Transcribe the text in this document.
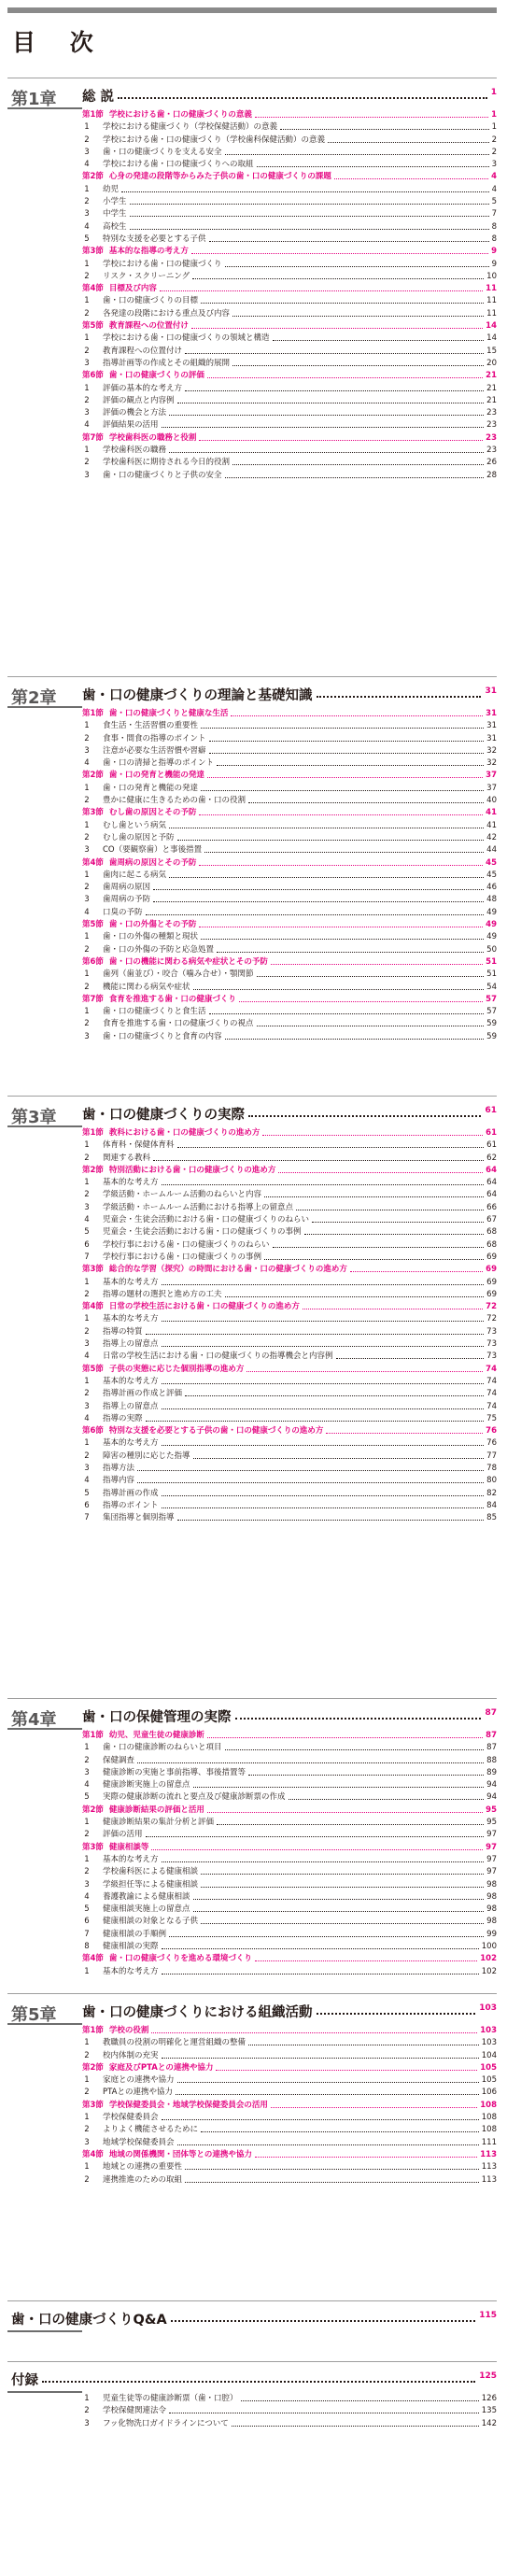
目 次
第1章 総 説	1
第1節 学校における歯・口の健康づくりの意義	1
1 学校における健康づくり（学校保健活動）の意義	1
2 学校における歯・口の健康づくり（学校歯科保健活動）の意義	2
3 歯・口の健康づくりを支える安全	2
4 学校における歯・口の健康づくりへの取組	3
第2節 心身の発達の段階等からみた子供の歯・口の健康づくりの課題	4
1 幼児	4
2 小学生	5
3 中学生	7
4 高校生	8
5 特別な支援を必要とする子供	8
第3節 基本的な指導の考え方	9
1 学校における歯・口の健康づくり	9
2 リスク・スクリーニング	10
第4節 目標及び内容	11
1 歯・口の健康づくりの目標	11
2 各発達の段階における重点及び内容	11
第5節 教育課程への位置付け	14
1 学校における歯・口の健康づくりの領域と構造	14
2 教育課程への位置付け	15
3 指導計画等の作成とその組織的展開	20
第6節 歯・口の健康づくりの評価	21
1 評価の基本的な考え方	21
2 評価の観点と内容例	21
3 評価の機会と方法	23
4 評価結果の活用	23
第7節 学校歯科医の職務と役割	23
1 学校歯科医の職務	23
2 学校歯科医に期待される今日的役割	26
3 歯・口の健康づくりと子供の安全	28
第2章 歯・口の健康づくりの理論と基礎知識	31
第1節 歯・口の健康づくりと健康な生活	31
1 食生活・生活習慣の重要性	31
2 食事・間食の指導のポイント	31
3 注意が必要な生活習慣や習癖	32
4 歯・口の清掃と指導のポイント	32
第2節 歯・口の発育と機能の発達	37
1 歯・口の発育と機能の発達	37
2 豊かに健康に生きるための歯・口の役割	40
第3節 むし歯の原因とその予防	41
1 むし歯という病気	41
2 むし歯の原因と予防	42
3 CO（要観察歯）と事後措置	44
第4節 歯周病の原因とその予防	45
1 歯肉に起こる病気	45
2 歯周病の原因	46
3 歯周病の予防	48
4 口臭の予防	49
第5節 歯・口の外傷とその予防	49
1 歯・口の外傷の種類と現状	49
2 歯・口の外傷の予防と応急処置	50
第6節 歯・口の機能に関わる病気や症状とその予防	51
1 歯列（歯並び）・咬合（噛み合せ）・顎関節	51
2 機能に関わる病気や症状	54
第7節 食育を推進する歯・口の健康づくり	57
1 歯・口の健康づくりと食生活	57
2 食育を推進する歯・口の健康づくりの視点	59
3 歯・口の健康づくりと食育の内容	59
第3章 歯・口の健康づくりの実際	61
第1節 教科における歯・口の健康づくりの進め方	61
1 体育科・保健体育科	61
2 関連する教科	62
第2節 特別活動における歯・口の健康づくりの進め方	64
1 基本的な考え方	64
2 学級活動・ホームルーム活動のねらいと内容	64
3 学級活動・ホームルーム活動における指導上の留意点	66
4 児童会・生徒会活動における歯・口の健康づくりのねらい	67
5 児童会・生徒会活動における歯・口の健康づくりの事例	68
6 学校行事における歯・口の健康づくりのねらい	68
7 学校行事における歯・口の健康づくりの事例	69
第3節 総合的な学習（探究）の時間における歯・口の健康づくりの進め方	69
1 基本的な考え方	69
2 指導の題材の選択と進め方の工夫	69
第4節 日常の学校生活における歯・口の健康づくりの進め方	72
1 基本的な考え方	72
2 指導の特質	73
3 指導上の留意点	73
4 日常の学校生活における歯・口の健康づくりの指導機会と内容例	73
第5節 子供の実態に応じた個別指導の進め方	74
1 基本的な考え方	74
2 指導計画の作成と評価	74
3 指導上の留意点	74
4 指導の実際	75
第6節 特別な支援を必要とする子供の歯・口の健康づくりの進め方	76
1 基本的な考え方	76
2 障害の種別に応じた指導	77
3 指導方法	78
4 指導内容	80
5 指導計画の作成	82
6 指導のポイント	84
7 集団指導と個別指導	85
第4章 歯・口の保健管理の実際	87
第1節 幼児、児童生徒の健康診断	87
1 歯・口の健康診断のねらいと項目	87
2 保健調査	88
3 健康診断の実施と事前指導、事後措置等	89
4 健康診断実施上の留意点	94
5 実際の健康診断の流れと要点及び健康診断票の作成	94
第2節 健康診断結果の評価と活用	95
1 健康診断結果の集計分析と評価	95
2 評価の活用	97
第3節 健康相談等	97
1 基本的な考え方	97
2 学校歯科医による健康相談	97
3 学級担任等による健康相談	98
4 養護教諭による健康相談	98
5 健康相談実施上の留意点	98
6 健康相談の対象となる子供	98
7 健康相談の手順例	99
8 健康相談の実際	100
第4節 歯・口の健康づくりを進める環境づくり	102
1 基本的な考え方	102
第5章 歯・口の健康づくりにおける組織活動	103
第1節 学校の役割	103
1 教職員の役割の明確化と運営組織の整備	103
2 校内体制の充実	104
第2節 家庭及びPTAとの連携や協力	105
1 家庭との連携や協力	105
2 PTAとの連携や協力	106
第3節 学校保健委員会・地域学校保健委員会の活用	108
1 学校保健委員会	108
2 よりよく機能させるために	108
3 地域学校保健委員会	111
第4節 地域の関係機関・団体等との連携や協力	113
1 地域との連携の重要性	113
2 連携推進のための取組	113
歯・口の健康づくりQ&A	115
付録	125
1 児童生徒等の健康診断票（歯・口腔）	126
2 学校保健関連法令	135
3 フッ化物洗口ガイドラインについて	142
